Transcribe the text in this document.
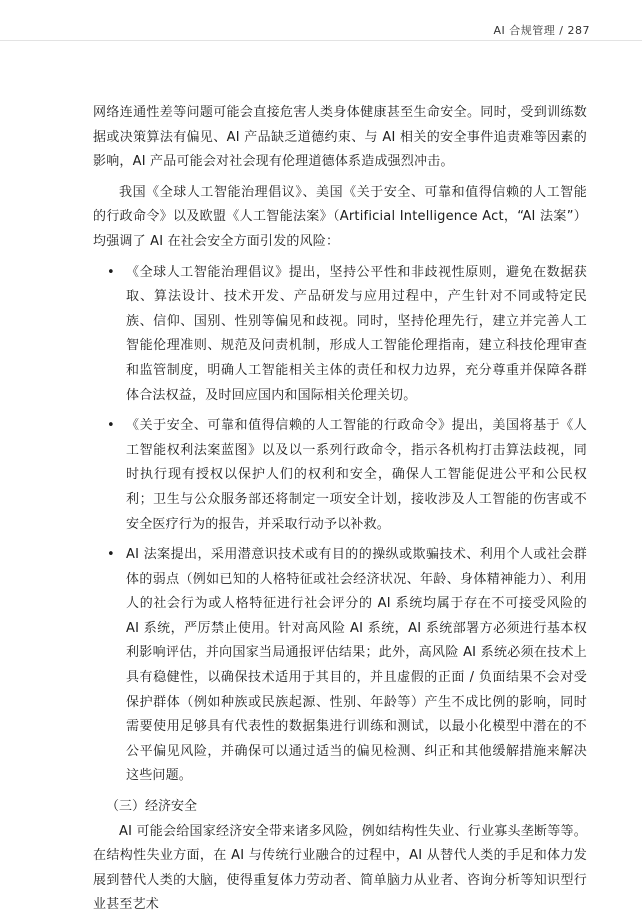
AI 合规管理 / 287

网络连通性差等问题可能会直接危害人类身体健康甚至生命安全。同时，受到训练数据或决策算法有偏见、AI 产品缺乏道德约束、与 AI 相关的安全事件追责难等因素的影响，AI 产品可能会对社会现有伦理道德体系造成强烈冲击。

我国《全球人工智能治理倡议》、美国《关于安全、可靠和值得信赖的人工智能的行政命令》以及欧盟《人工智能法案》（Artificial Intelligence Act，“AI 法案”）均强调了 AI 在社会安全方面引发的风险：

• 《全球人工智能治理倡议》提出，坚持公平性和非歧视性原则，避免在数据获取、算法设计、技术开发、产品研发与应用过程中，产生针对不同或特定民族、信仰、国别、性别等偏见和歧视。同时，坚持伦理先行，建立并完善人工智能伦理准则、规范及问责机制，形成人工智能伦理指南，建立科技伦理审查和监管制度，明确人工智能相关主体的责任和权力边界，充分尊重并保障各群体合法权益，及时回应国内和国际相关伦理关切。

• 《关于安全、可靠和值得信赖的人工智能的行政命令》提出，美国将基于《人工智能权利法案蓝图》以及以一系列行政命令，指示各机构打击算法歧视，同时执行现有授权以保护人们的权利和安全，确保人工智能促进公平和公民权利；卫生与公众服务部还将制定一项安全计划，接收涉及人工智能的伤害或不安全医疗行为的报告，并采取行动予以补救。

• AI 法案提出，采用潜意识技术或有目的的操纵或欺骗技术、利用个人或社会群体的弱点（例如已知的人格特征或社会经济状况、年龄、身体精神能力）、利用人的社会行为或人格特征进行社会评分的 AI 系统均属于存在不可接受风险的 AI 系统，严厉禁止使用。针对高风险 AI 系统，AI 系统部署方必须进行基本权利影响评估，并向国家当局通报评估结果；此外，高风险 AI 系统必须在技术上具有稳健性，以确保技术适用于其目的，并且虚假的正面 / 负面结果不会对受保护群体（例如种族或民族起源、性别、年龄等）产生不成比例的影响，同时需要使用足够具有代表性的数据集进行训练和测试，以最小化模型中潜在的不公平偏见风险，并确保可以通过适当的偏见检测、纠正和其他缓解措施来解决这些问题。

（三）经济安全

AI 可能会给国家经济安全带来诸多风险，例如结构性失业、行业寡头垄断等等。在结构性失业方面，在 AI 与传统行业融合的过程中，AI 从替代人类的手足和体力发展到替代人类的大脑，使得重复体力劳动者、简单脑力从业者、咨询分析等知识型行业甚至艺术
